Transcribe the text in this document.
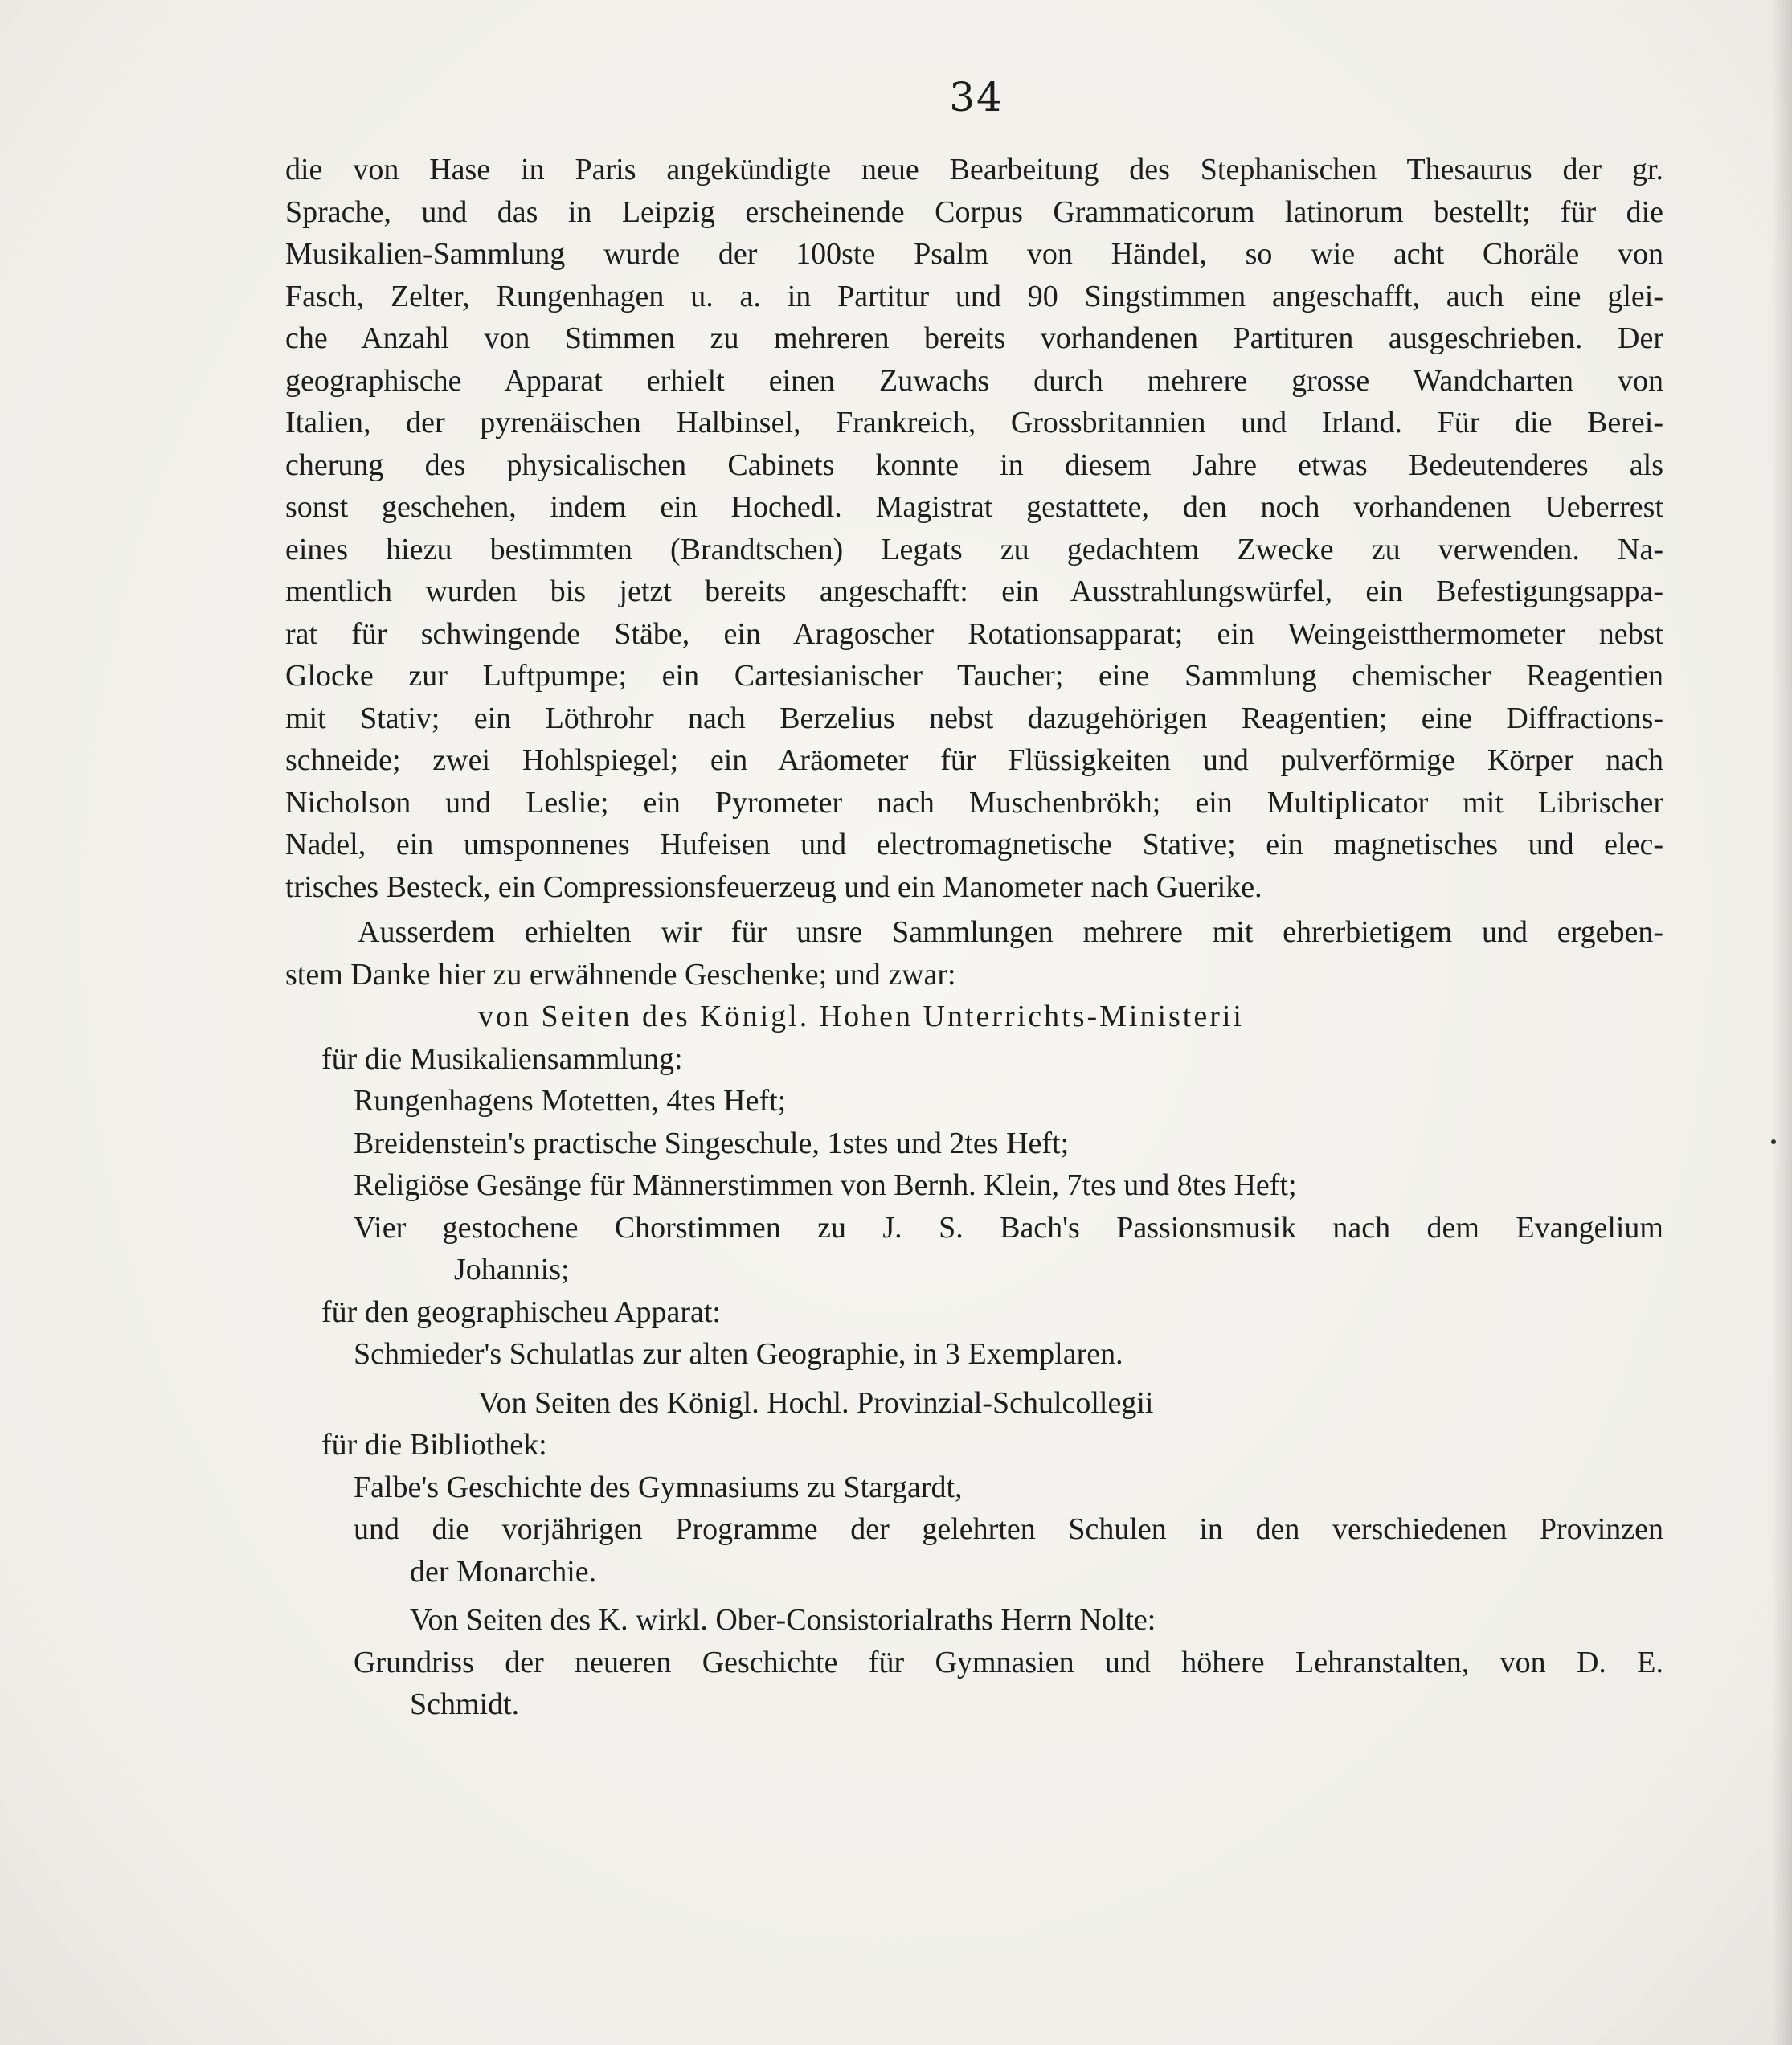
34
die von Hase in Paris angekündigte neue Bearbeitung des Stephanischen Thesaurus der gr.
Sprache, und das in Leipzig erscheinende Corpus Grammaticorum latinorum bestellt; für die
Musikalien-Sammlung wurde der 100ste Psalm von Händel, so wie acht Choräle von
Fasch, Zelter, Rungenhagen u. a. in Partitur und 90 Singstimmen angeschafft, auch eine glei-
che Anzahl von Stimmen zu mehreren bereits vorhandenen Partituren ausgeschrieben. Der
geographische Apparat erhielt einen Zuwachs durch mehrere grosse Wandcharten von
Italien, der pyrenäischen Halbinsel, Frankreich, Grossbritannien und Irland. Für die Berei-
cherung des physicalischen Cabinets konnte in diesem Jahre etwas Bedeutenderes als
sonst geschehen, indem ein Hochedl. Magistrat gestattete, den noch vorhandenen Ueberrest
eines hiezu bestimmten (Brandtschen) Legats zu gedachtem Zwecke zu verwenden. Na-
mentlich wurden bis jetzt bereits angeschafft: ein Ausstrahlungswürfel, ein Befestigungsappa-
rat für schwingende Stäbe, ein Aragoscher Rotationsapparat; ein Weingeistthermometer nebst
Glocke zur Luftpumpe; ein Cartesianischer Taucher; eine Sammlung chemischer Reagentien
mit Stativ; ein Löthrohr nach Berzelius nebst dazugehörigen Reagentien; eine Diffractions-
schneide; zwei Hohlspiegel; ein Aräometer für Flüssigkeiten und pulverförmige Körper nach
Nicholson und Leslie; ein Pyrometer nach Muschenbrökh; ein Multiplicator mit Librischer
Nadel, ein umsponnenes Hufeisen und electromagnetische Stative; ein magnetisches und elec-
trisches Besteck, ein Compressionsfeuerzeug und ein Manometer nach Guerike.
Ausserdem erhielten wir für unsre Sammlungen mehrere mit ehrerbietigem und ergeben-
stem Danke hier zu erwähnende Geschenke; und zwar:
von Seiten des Königl. Hohen Unterrichts-Ministerii
für die Musikaliensammlung:
Rungenhagens Motetten, 4tes Heft;
Breidenstein's practische Singeschule, 1stes und 2tes Heft;
Religiöse Gesänge für Männerstimmen von Bernh. Klein, 7tes und 8tes Heft;
Vier gestochene Chorstimmen zu J. S. Bach's Passionsmusik nach dem Evangelium
Johannis;
für den geographischeu Apparat:
Schmieder's Schulatlas zur alten Geographie, in 3 Exemplaren.
Von Seiten des Königl. Hochl. Provinzial-Schulcollegii
für die Bibliothek:
Falbe's Geschichte des Gymnasiums zu Stargardt,
und die vorjährigen Programme der gelehrten Schulen in den verschiedenen Provinzen
der Monarchie.
Von Seiten des K. wirkl. Ober-Consistorialraths Herrn Nolte:
Grundriss der neueren Geschichte für Gymnasien und höhere Lehranstalten, von D. E.
Schmidt.
